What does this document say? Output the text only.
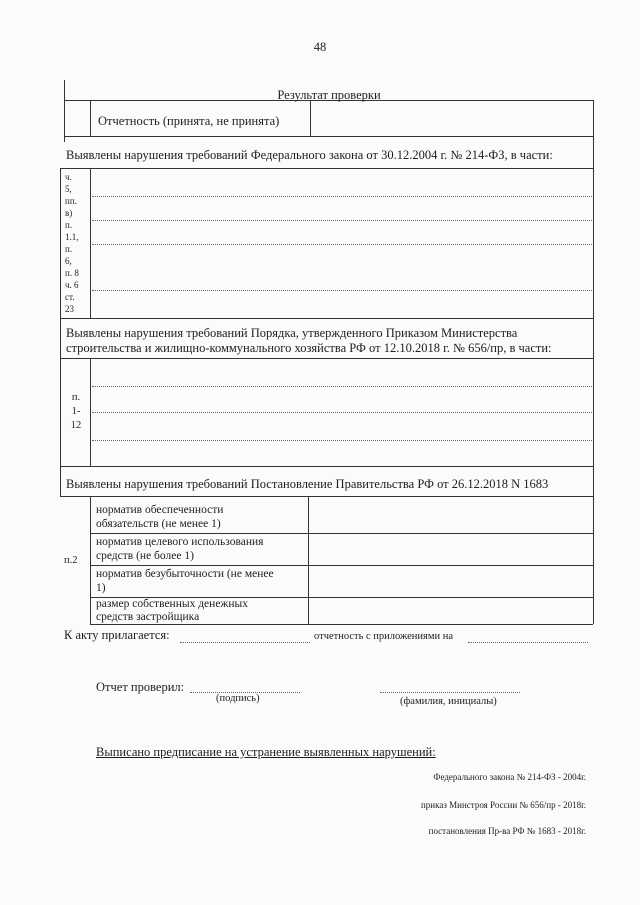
48
Результат проверки
Отчетность (принята, не принята)
Выявлены нарушения требований Федерального закона от 30.12.2004 г. № 214-ФЗ, в части:
ч.
5,
пп.
в)
п.
1.1,
п.
6,
п. 8
ч. 6
ст.
23
Выявлены нарушения требований Порядка, утвержденного Приказом Министерства
строительства и жилищно-коммунального хозяйства РФ от 12.10.2018 г. № 656/пр, в части:
п.
1-
12
Выявлены нарушения требований Постановление Правительства РФ от 26.12.2018 N 1683
п.2
норматив обеспеченности
обязательств (не менее 1)
норматив целевого использования
средств (не более 1)
норматив безубыточности (не менее
1)
размер собственных денежных
средств застройщика
К акту прилагается:	отчетность с приложениями на
Отчет проверил:
(подпись)	(фамилия, инициалы)
Выписано предписание на устранение выявленных нарушений:
Федерального закона № 214-ФЗ - 2004г.
приказ Минстроя России № 656/пр - 2018г.
постановления Пр-ва РФ № 1683 - 2018г.
